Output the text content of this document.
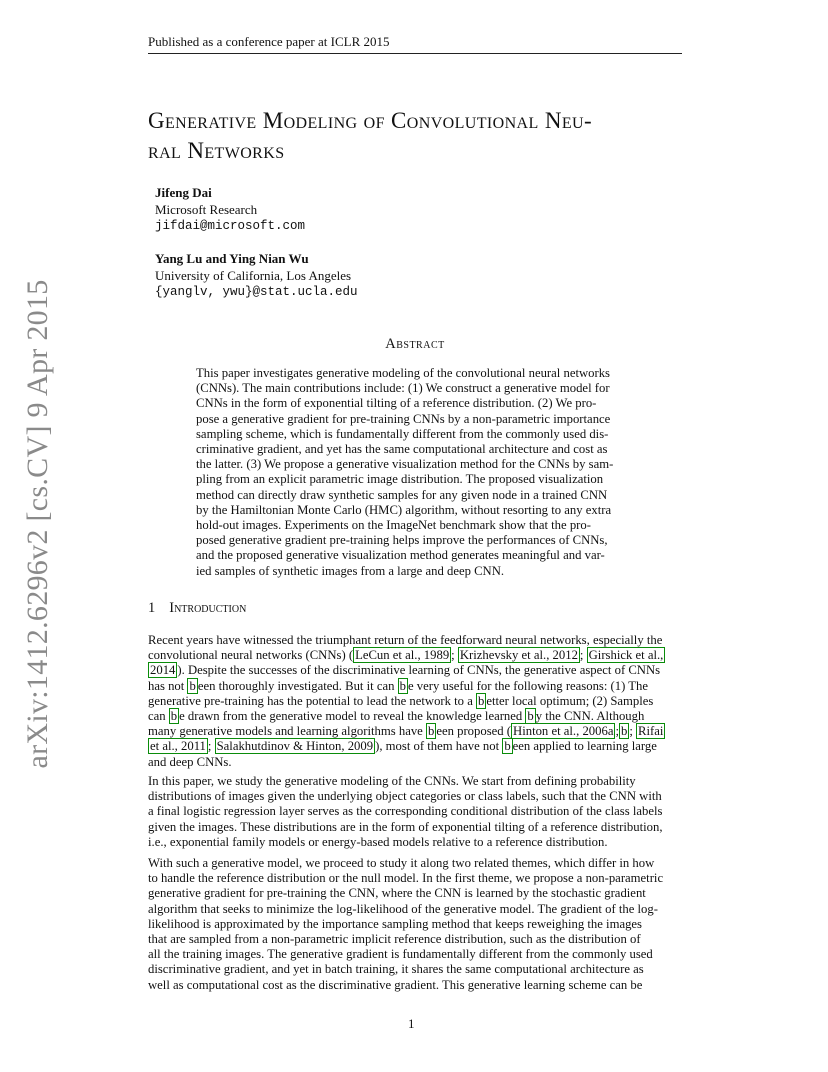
Published as a conference paper at ICLR 2015
Generative Modeling of Convolutional Neu-
ral Networks
Jifeng Dai
Microsoft Research
jifdai@microsoft.com
Yang Lu and Ying Nian Wu
University of California, Los Angeles
{yanglv, ywu}@stat.ucla.edu
Abstract
This paper investigates generative modeling of the convolutional neural networks
(CNNs). The main contributions include: (1) We construct a generative model for
CNNs in the form of exponential tilting of a reference distribution. (2) We pro-
pose a generative gradient for pre-training CNNs by a non-parametric importance
sampling scheme, which is fundamentally different from the commonly used dis-
criminative gradient, and yet has the same computational architecture and cost as
the latter. (3) We propose a generative visualization method for the CNNs by sam-
pling from an explicit parametric image distribution. The proposed visualization
method can directly draw synthetic samples for any given node in a trained CNN
by the Hamiltonian Monte Carlo (HMC) algorithm, without resorting to any extra
hold-out images. Experiments on the ImageNet benchmark show that the pro-
posed generative gradient pre-training helps improve the performances of CNNs,
and the proposed generative visualization method generates meaningful and var-
ied samples of synthetic images from a large and deep CNN.
1 Introduction
Recent years have witnessed the triumphant return of the feedforward neural networks, especially the
convolutional neural networks (CNNs) ( LeCun et al., 1989 ; Krizhevsky et al., 2012 ; Girshick et al.,
2014 ). Despite the successes of the discriminative learning of CNNs, the generative aspect of CNNs
has not b een thoroughly investigated. But it can b e very useful for the following reasons: (1) The
generative pre-training has the potential to lead the network to a b etter local optimum; (2) Samples
can b e drawn from the generative model to reveal the knowledge learned b y the CNN. Although
many generative models and learning algorithms have b een proposed ( Hinton et al., 2006a ; b ; Rifai
et al., 2011 ; Salakhutdinov & Hinton, 2009 ), most of them have not b een applied to learning large
and deep CNNs.
In this paper, we study the generative modeling of the CNNs. We start from defining probability
distributions of images given the underlying object categories or class labels, such that the CNN with
a final logistic regression layer serves as the corresponding conditional distribution of the class labels
given the images. These distributions are in the form of exponential tilting of a reference distribution,
i.e., exponential family models or energy-based models relative to a reference distribution.
With such a generative model, we proceed to study it along two related themes, which differ in how
to handle the reference distribution or the null model. In the first theme, we propose a non-parametric
generative gradient for pre-training the CNN, where the CNN is learned by the stochastic gradient
algorithm that seeks to minimize the log-likelihood of the generative model. The gradient of the log-
likelihood is approximated by the importance sampling method that keeps reweighing the images
that are sampled from a non-parametric implicit reference distribution, such as the distribution of
all the training images. The generative gradient is fundamentally different from the commonly used
discriminative gradient, and yet in batch training, it shares the same computational architecture as
well as computational cost as the discriminative gradient. This generative learning scheme can be
1
arXiv:1412.6296v2 [cs.CV] 9 Apr 2015
